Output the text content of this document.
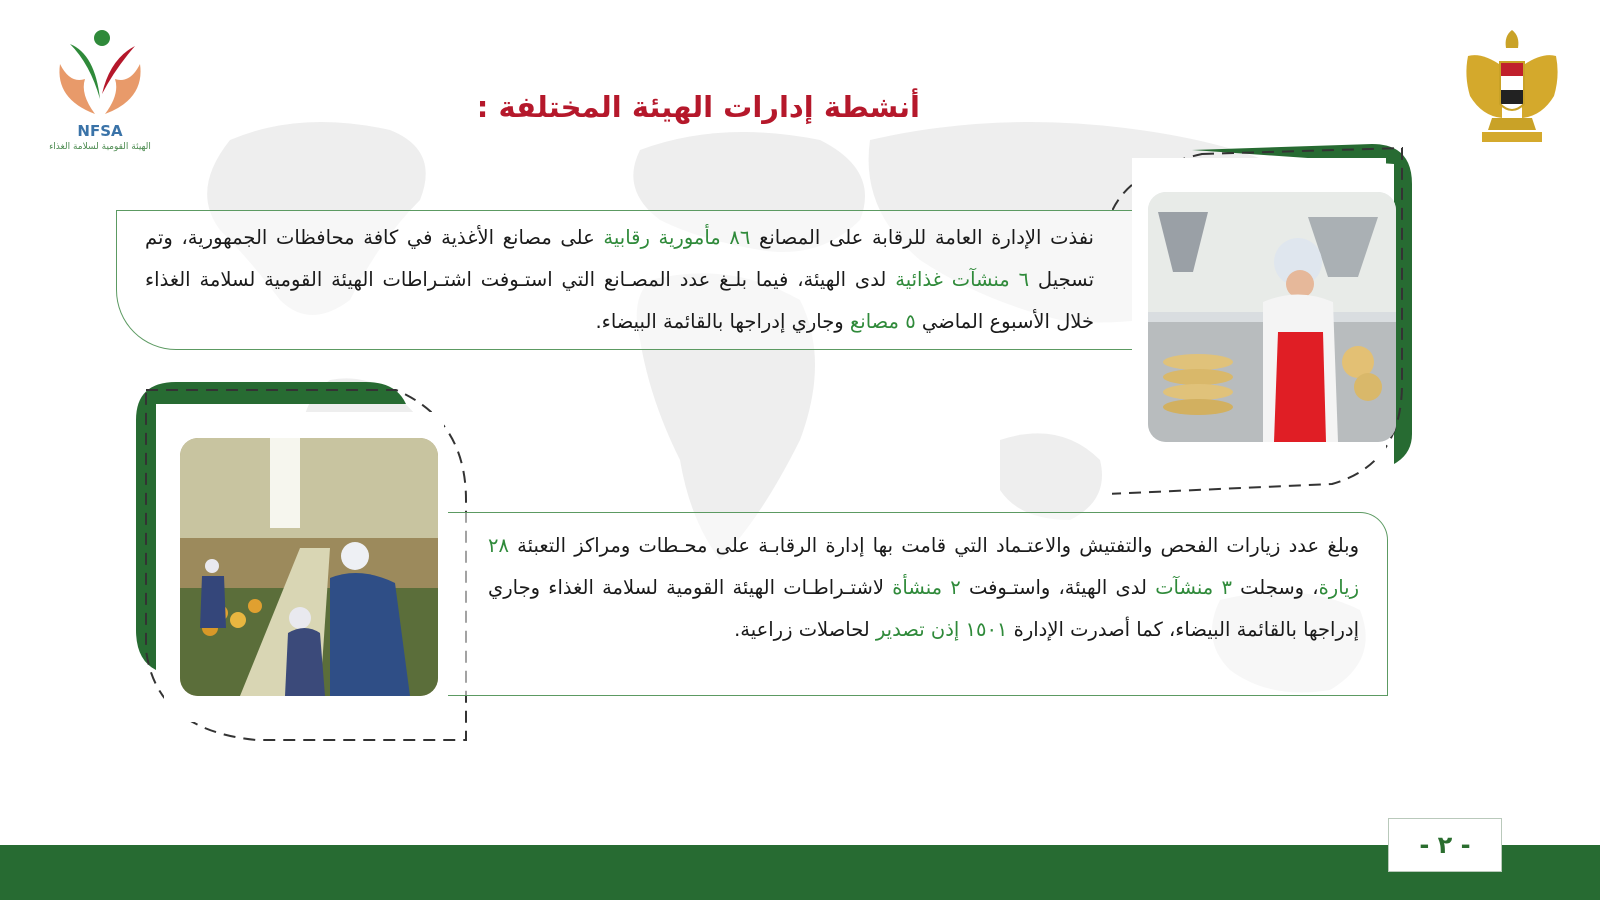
NFSA
الهيئة القومية لسلامة الغذاء
أنشطة إدارات الهيئة المختلفة :
نفذت الإدارة العامة للرقابة على المصانع ٨٦ مأمورية رقابية على مصانع الأغذية في كافة محافظات الجمهورية، وتم تسجيل ٦ منشآت غذائية لدى الهيئة، فيما بلـغ عدد المصـانع التي استـوفت اشتـراطات الهيئة القومية لسلامة الغذاء خلال الأسبوع الماضي ٥ مصانع وجاري إدراجها بالقائمة البيضاء.
وبلغ عدد زيارات الفحص والتفتيش والاعتـماد التي قامت بها إدارة الرقابـة على محـطات ومراكز التعبئة ٢٨ زيارة، وسجلت ٣ منشآت لدى الهيئة، واستـوفت ٢ منشأة لاشتـراطـات الهيئة القومية لسلامة الغذاء وجاري إدراجها بالقائمة البيضاء، كما أصدرت الإدارة ١٥٠١ إذن تصدير لحاصلات زراعية.
- ٢ -
